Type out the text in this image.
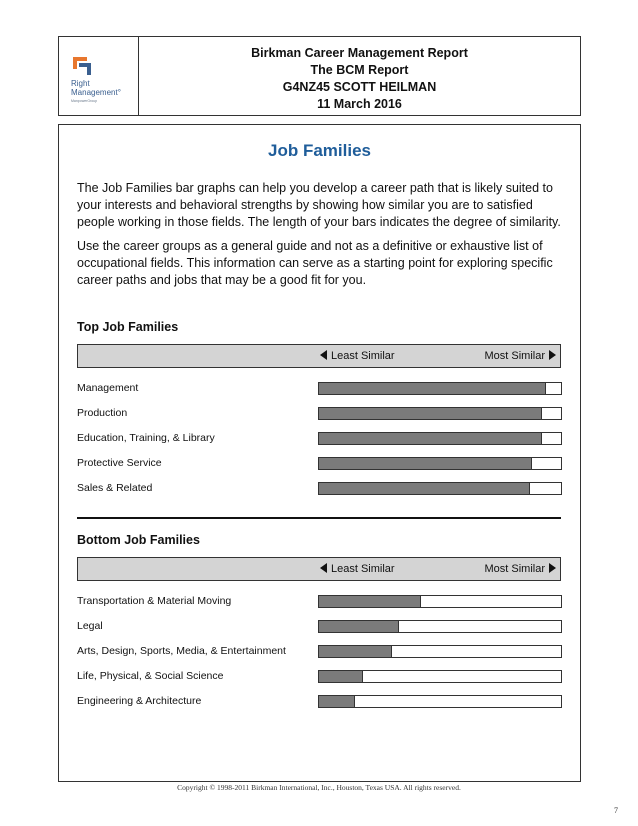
Right
Management°
ManpowerGroup
Birkman Career Management Report
The BCM Report
G4NZ45 SCOTT HEILMAN
11 March 2016
Job Families
The Job Families bar graphs can help you develop a career path that is likely suited to your interests and behavioral strengths by showing how similar you are to satisfied people working in those fields. The length of your bars indicates the degree of similarity.
Use the career groups as a general guide and not as a definitive or exhaustive list of occupational fields. This information can serve as a starting point for exploring specific career paths and jobs that may be a good fit for you.
Top Job Families
Least Similar	Most Similar
Management
Production
Education, Training, & Library
Protective Service
Sales & Related
Bottom Job Families
Least Similar	Most Similar
Transportation & Material Moving
Legal
Arts, Design, Sports, Media, & Entertainment
Life, Physical, & Social Science
Engineering & Architecture
Copyright © 1998-2011 Birkman International, Inc., Houston, Texas USA. All rights reserved.
7
